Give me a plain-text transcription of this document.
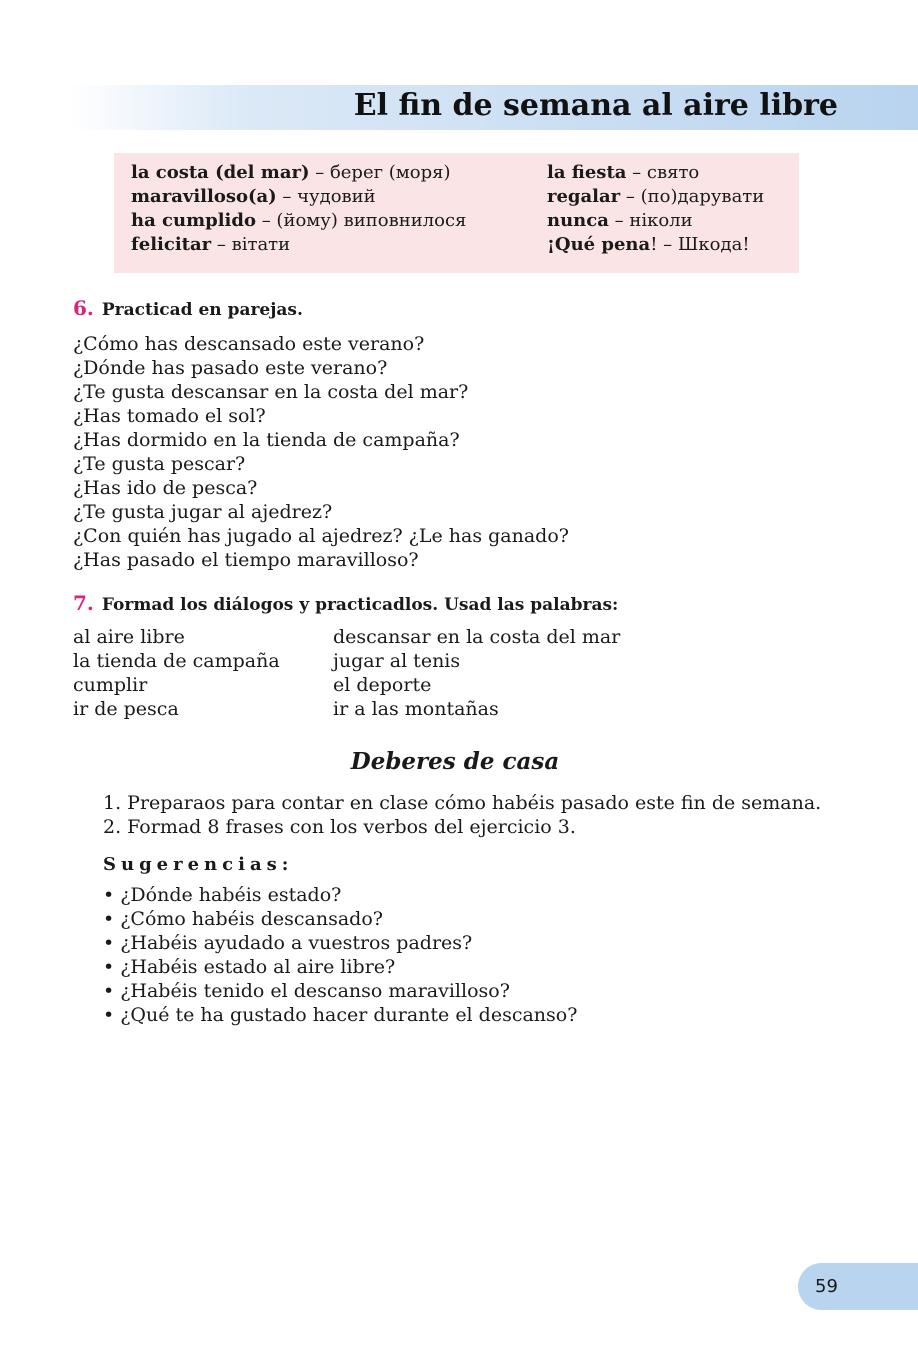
El fin de semana al aire libre
la costa (del mar) – берег (моря)
maravilloso(a) – чудовий
ha cumplido – (йому) виповнилося
felicitar – вітати
la fiesta – свято
regalar – (по)дарувати
nunca – ніколи
¡Qué pena! – Шкода!
6. Practicad en parejas.
¿Cómo has descansado este verano?
¿Dónde has pasado este verano?
¿Te gusta descansar en la costa del mar?
¿Has tomado el sol?
¿Has dormido en la tienda de campaña?
¿Te gusta pescar?
¿Has ido de pesca?
¿Te gusta jugar al ajedrez?
¿Con quién has jugado al ajedrez? ¿Le has ganado?
¿Has pasado el tiempo maravilloso?
7. Formad los diálogos y practicadlos. Usad las palabras:
al aire libre
la tienda de campaña
cumplir
ir de pesca
descansar en la costa del mar
jugar al tenis
el deporte
ir a las montañas
Deberes de casa
1. Preparaos para contar en clase cómo habéis pasado este fin de semana.
2. Formad 8 frases con los verbos del ejercicio 3.
Sugerencias:
• ¿Dónde habéis estado?
• ¿Cómo habéis descansado?
• ¿Habéis ayudado a vuestros padres?
• ¿Habéis estado al aire libre?
• ¿Habéis tenido el descanso maravilloso?
• ¿Qué te ha gustado hacer durante el descanso?
59
